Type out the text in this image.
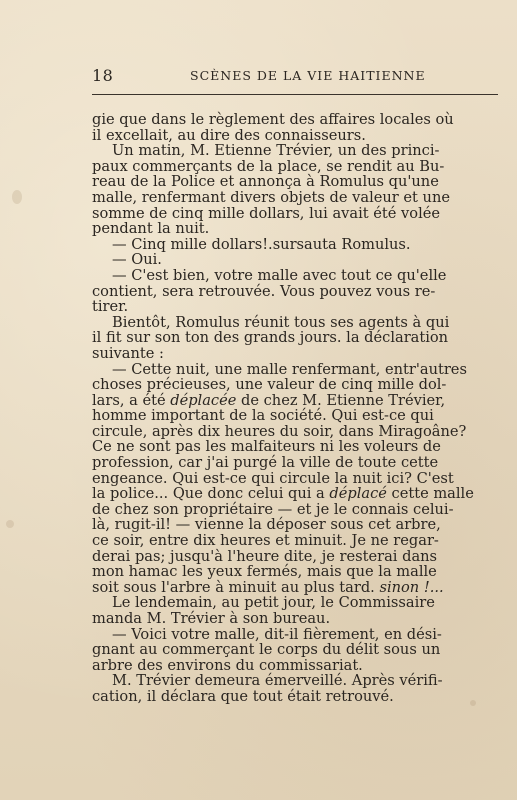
18	SCÈNES DE LA VIE HAITIENNE
gie que dans le règlement des affaires locales où
il excellait, au dire des connaisseurs.
Un matin, M. Etienne Trévier, un des princi-
paux commerçants de la place, se rendit au Bu-
reau de la Police et annonça à Romulus qu'une
malle, renfermant divers objets de valeur et une
somme de cinq mille dollars, lui avait été volée
pendant la nuit.
— Cinq mille dollars!.sursauta Romulus.
— Oui.
— C'est bien, votre malle avec tout ce qu'elle
contient, sera retrouvée. Vous pouvez vous re-
tirer.
Bientôt, Romulus réunit tous ses agents à qui
il fit sur son ton des grands jours. la déclaration
suivante :
— Cette nuit, une malle renfermant, entr'autres
choses précieuses, une valeur de cinq mille dol-
lars, a été déplacée de chez M. Etienne Trévier,
homme important de la société. Qui est-ce qui
circule, après dix heures du soir, dans Miragoâne?
Ce ne sont pas les malfaiteurs ni les voleurs de
profession, car j'ai purgé la ville de toute cette
engeance. Qui est-ce qui circule la nuit ici? C'est
la police... Que donc celui qui a déplacé cette malle
de chez son propriétaire — et je le connais celui-
là, rugit-il! — vienne la déposer sous cet arbre,
ce soir, entre dix heures et minuit. Je ne regar-
derai pas; jusqu'à l'heure dite, je resterai dans
mon hamac les yeux fermés, mais que la malle
soit sous l'arbre à minuit au plus tard. sinon !...
Le lendemain, au petit jour, le Commissaire
manda M. Trévier à son bureau.
— Voici votre malle, dit-il fièrement, en dési-
gnant au commerçant le corps du délit sous un
arbre des environs du commissariat.
M. Trévier demeura émerveillé. Après vérifi-
cation, il déclara que tout était retrouvé.
